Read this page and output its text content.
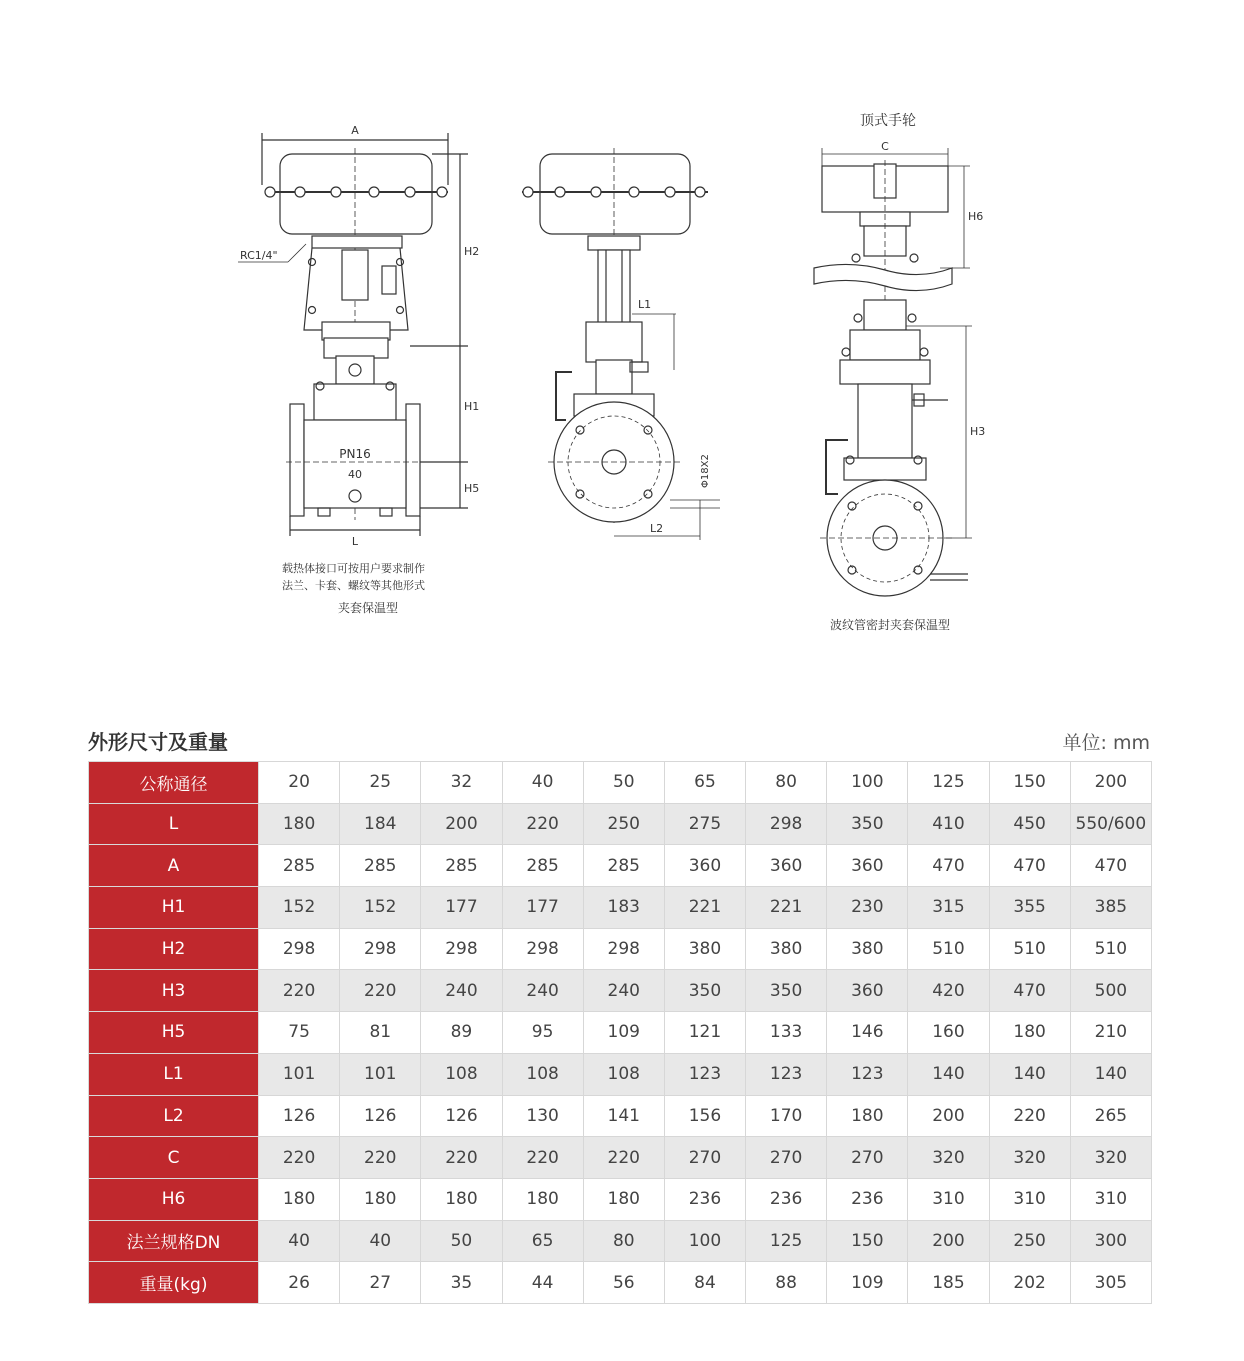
A
RC1/4"
PN16
40
L
H2
H1
H5
载热体接口可按用户要求制作
法兰、卡套、螺纹等其他形式
夹套保温型
L1
L2
Φ18X2
顶式手轮
C
H6
H3
波纹管密封夹套保温型
外形尺寸及重量	单位: mm
公称通径	20	25	32	40	50	65	80	100	125	150	200
L	180	184	200	220	250	275	298	350	410	450	550/600
A	285	285	285	285	285	360	360	360	470	470	470
H1	152	152	177	177	183	221	221	230	315	355	385
H2	298	298	298	298	298	380	380	380	510	510	510
H3	220	220	240	240	240	350	350	360	420	470	500
H5	75	81	89	95	109	121	133	146	160	180	210
L1	101	101	108	108	108	123	123	123	140	140	140
L2	126	126	126	130	141	156	170	180	200	220	265
C	220	220	220	220	220	270	270	270	320	320	320
H6	180	180	180	180	180	236	236	236	310	310	310
法兰规格DN	40	40	50	65	80	100	125	150	200	250	300
重量(kg)	26	27	35	44	56	84	88	109	185	202	305
